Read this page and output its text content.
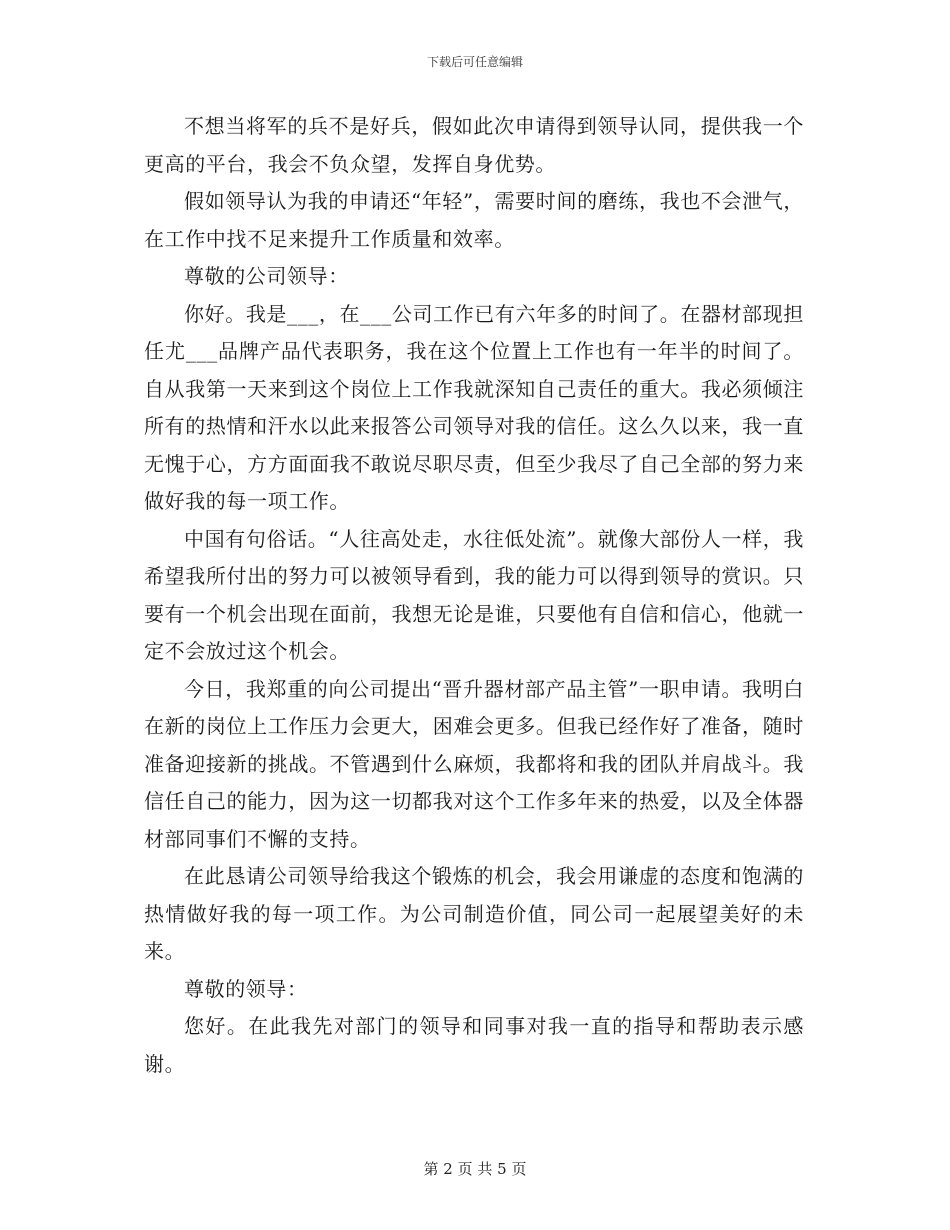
下载后可任意编辑

不想当将军的兵不是好兵，假如此次申请得到领导认同，提供我一个更高的平台，我会不负众望，发挥自身优势。

假如领导认为我的申请还“年轻”，需要时间的磨练，我也不会泄气，在工作中找不足来提升工作质量和效率。

尊敬的公司领导：

你好。我是___，在___公司工作已有六年多的时间了。在器材部现担任尤___品牌产品代表职务，我在这个位置上工作也有一年半的时间了。自从我第一天来到这个岗位上工作我就深知自己责任的重大。我必须倾注所有的热情和汗水以此来报答公司领导对我的信任。这么久以来，我一直无愧于心，方方面面我不敢说尽职尽责，但至少我尽了自己全部的努力来做好我的每一项工作。

中国有句俗话。“人往高处走，水往低处流”。就像大部份人一样，我希望我所付出的努力可以被领导看到，我的能力可以得到领导的赏识。只要有一个机会出现在面前，我想无论是谁，只要他有自信和信心，他就一定不会放过这个机会。

今日，我郑重的向公司提出“晋升器材部产品主管”一职申请。我明白在新的岗位上工作压力会更大，困难会更多。但我已经作好了准备，随时准备迎接新的挑战。不管遇到什么麻烦，我都将和我的团队并肩战斗。我信任自己的能力，因为这一切都我对这个工作多年来的热爱，以及全体器材部同事们不懈的支持。

在此恳请公司领导给我这个锻炼的机会，我会用谦虚的态度和饱满的热情做好我的每一项工作。为公司制造价值，同公司一起展望美好的未来。

尊敬的领导：

您好。在此我先对部门的领导和同事对我一直的指导和帮助表示感谢。

第 2 页 共 5 页
